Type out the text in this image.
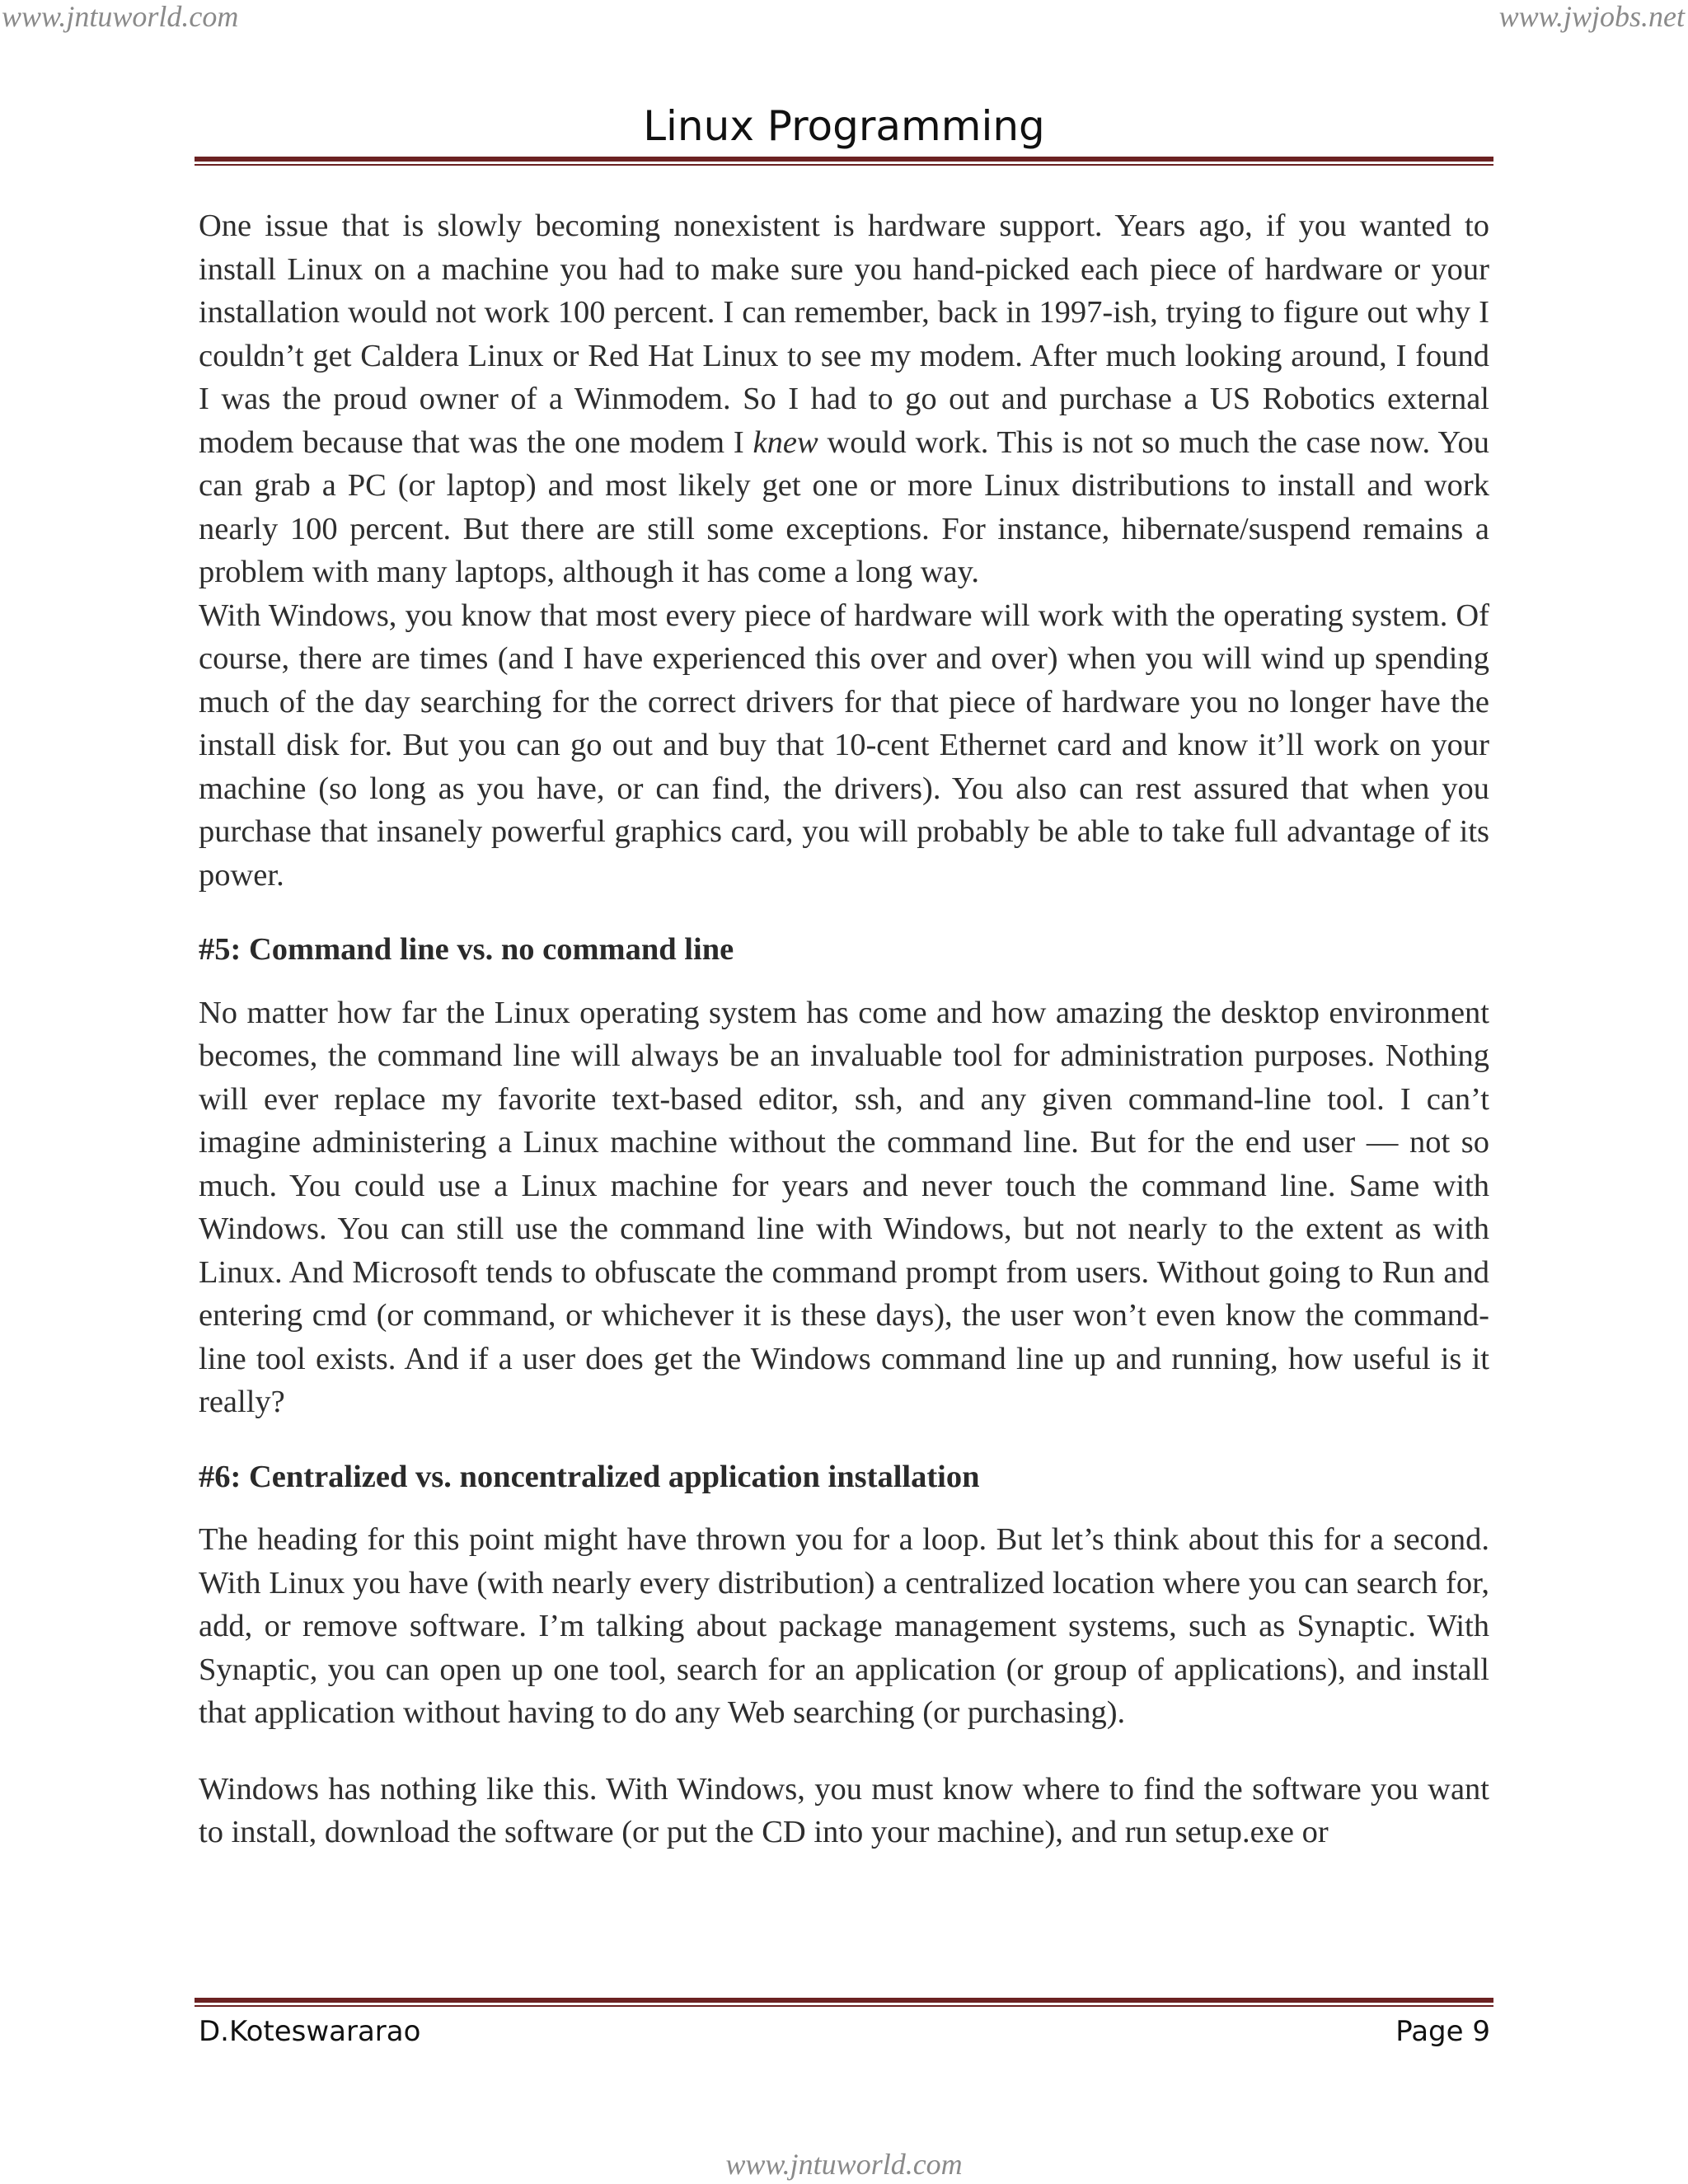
www.jntuworld.com	www.jwjobs.net
Linux Programming

One issue that is slowly becoming nonexistent is hardware support. Years ago, if you wanted to install Linux on a machine you had to make sure you hand-picked each piece of hardware or your installation would not work 100 percent. I can remember, back in 1997-ish, trying to figure out why I couldn’t get Caldera Linux or Red Hat Linux to see my modem. After much looking around, I found I was the proud owner of a Winmodem. So I had to go out and purchase a US Robotics external modem because that was the one modem I knew would work. This is not so much the case now. You can grab a PC (or laptop) and most likely get one or more Linux distributions to install and work nearly 100 percent. But there are still some exceptions. For instance, hibernate/suspend remains a problem with many laptops, although it has come a long way.

With Windows, you know that most every piece of hardware will work with the operating system. Of course, there are times (and I have experienced this over and over) when you will wind up spending much of the day searching for the correct drivers for that piece of hardware you no longer have the install disk for. But you can go out and buy that 10-cent Ethernet card and know it’ll work on your machine (so long as you have, or can find, the drivers). You also can rest assured that when you purchase that insanely powerful graphics card, you will probably be able to take full advantage of its power.

#5: Command line vs. no command line

No matter how far the Linux operating system has come and how amazing the desktop environment becomes, the command line will always be an invaluable tool for administration purposes. Nothing will ever replace my favorite text-based editor, ssh, and any given command-line tool. I can’t imagine administering a Linux machine without the command line. But for the end user — not so much. You could use a Linux machine for years and never touch the command line. Same with Windows. You can still use the command line with Windows, but not nearly to the extent as with Linux. And Microsoft tends to obfuscate the command prompt from users. Without going to Run and entering cmd (or command, or whichever it is these days), the user won’t even know the command-line tool exists. And if a user does get the Windows command line up and running, how useful is it really?

#6: Centralized vs. noncentralized application installation

The heading for this point might have thrown you for a loop. But let’s think about this for a second. With Linux you have (with nearly every distribution) a centralized location where you can search for, add, or remove software. I’m talking about package management systems, such as Synaptic. With Synaptic, you can open up one tool, search for an application (or group of applications), and install that application without having to do any Web searching (or purchasing).

Windows has nothing like this. With Windows, you must know where to find the software you want to install, download the software (or put the CD into your machine), and run setup.exe or

D.Koteswararao	Page 9
www.jntuworld.com
